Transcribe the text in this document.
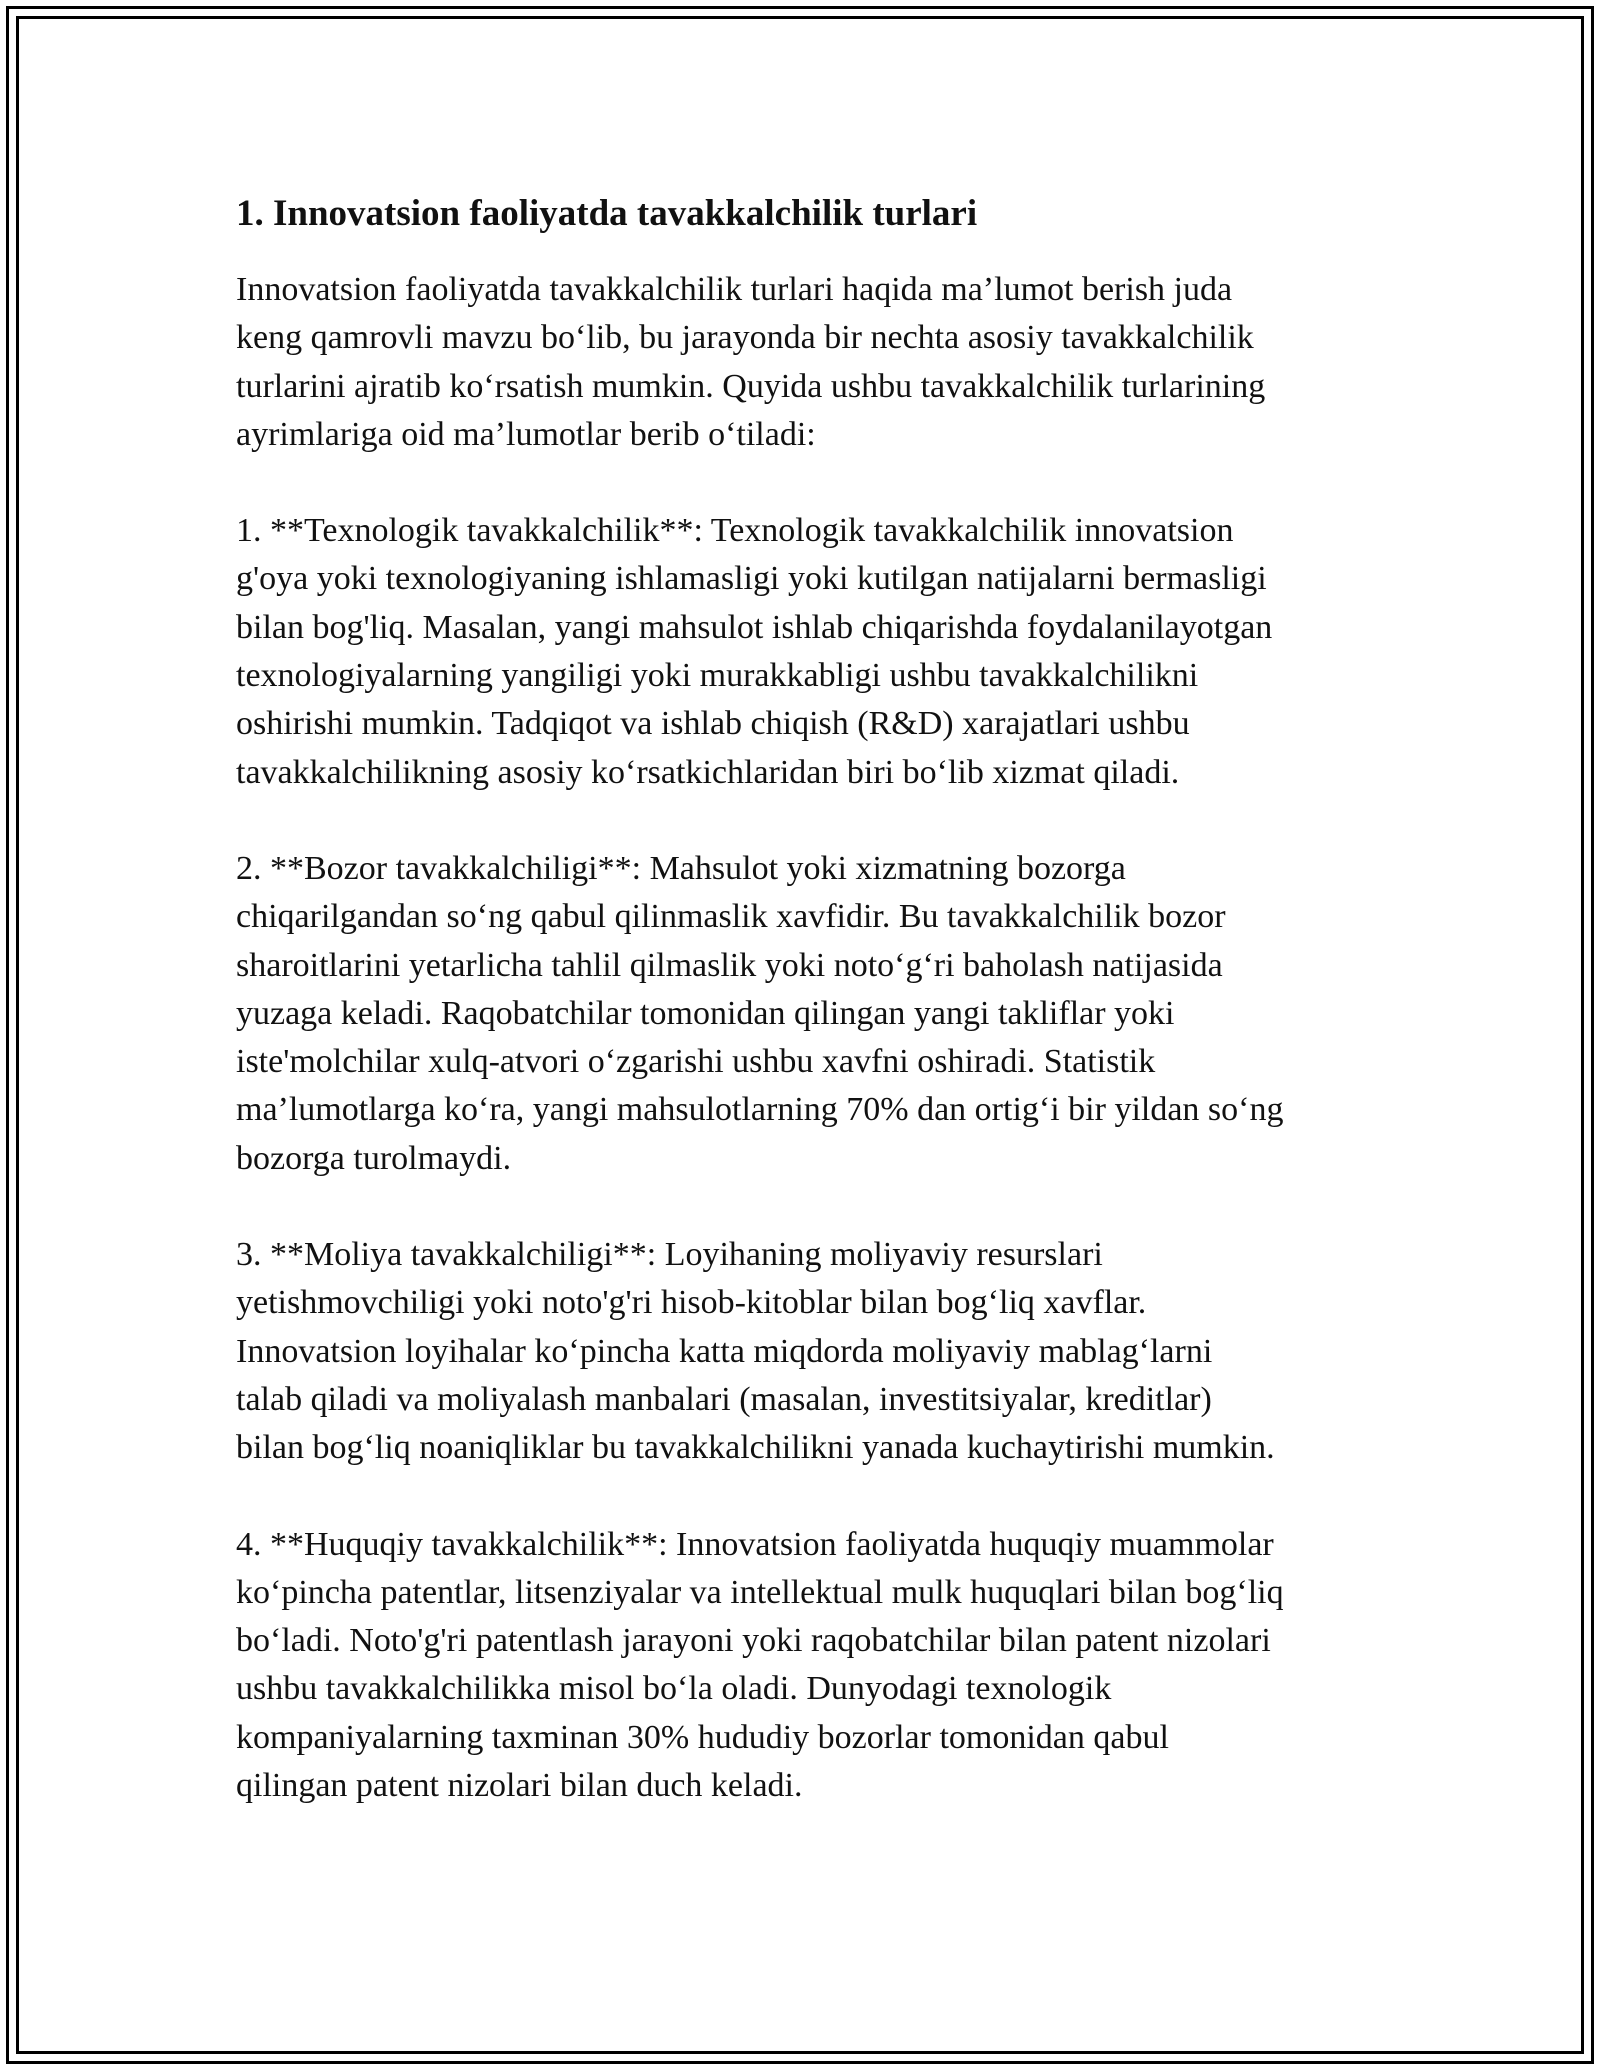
1. Innovatsion faoliyatda tavakkalchilik turlari
Innovatsion faoliyatda tavakkalchilik turlari haqida ma’lumot berish juda
keng qamrovli mavzu bo‘lib, bu jarayonda bir nechta asosiy tavakkalchilik
turlarini ajratib ko‘rsatish mumkin. Quyida ushbu tavakkalchilik turlarining
ayrimlariga oid ma’lumotlar berib o‘tiladi:
1. **Texnologik tavakkalchilik**: Texnologik tavakkalchilik innovatsion
g'oya yoki texnologiyaning ishlamasligi yoki kutilgan natijalarni bermasligi
bilan bog'liq. Masalan, yangi mahsulot ishlab chiqarishda foydalanilayotgan
texnologiyalarning yangiligi yoki murakkabligi ushbu tavakkalchilikni
oshirishi mumkin. Tadqiqot va ishlab chiqish (R&D) xarajatlari ushbu
tavakkalchilikning asosiy ko‘rsatkichlaridan biri bo‘lib xizmat qiladi.
2. **Bozor tavakkalchiligi**: Mahsulot yoki xizmatning bozorga
chiqarilgandan so‘ng qabul qilinmaslik xavfidir. Bu tavakkalchilik bozor
sharoitlarini yetarlicha tahlil qilmaslik yoki noto‘g‘ri baholash natijasida
yuzaga keladi. Raqobatchilar tomonidan qilingan yangi takliflar yoki
iste'molchilar xulq-atvori o‘zgarishi ushbu xavfni oshiradi. Statistik
ma’lumotlarga ko‘ra, yangi mahsulotlarning 70% dan ortig‘i bir yildan so‘ng
bozorga turolmaydi.
3. **Moliya tavakkalchiligi**: Loyihaning moliyaviy resurslari
yetishmovchiligi yoki noto'g'ri hisob-kitoblar bilan bog‘liq xavflar.
Innovatsion loyihalar ko‘pincha katta miqdorda moliyaviy mablag‘larni
talab qiladi va moliyalash manbalari (masalan, investitsiyalar, kreditlar)
bilan bog‘liq noaniqliklar bu tavakkalchilikni yanada kuchaytirishi mumkin.
4. **Huquqiy tavakkalchilik**: Innovatsion faoliyatda huquqiy muammolar
ko‘pincha patentlar, litsenziyalar va intellektual mulk huquqlari bilan bog‘liq
bo‘ladi. Noto'g'ri patentlash jarayoni yoki raqobatchilar bilan patent nizolari
ushbu tavakkalchilikka misol bo‘la oladi. Dunyodagi texnologik
kompaniyalarning taxminan 30% hududiy bozorlar tomonidan qabul
qilingan patent nizolari bilan duch keladi.
